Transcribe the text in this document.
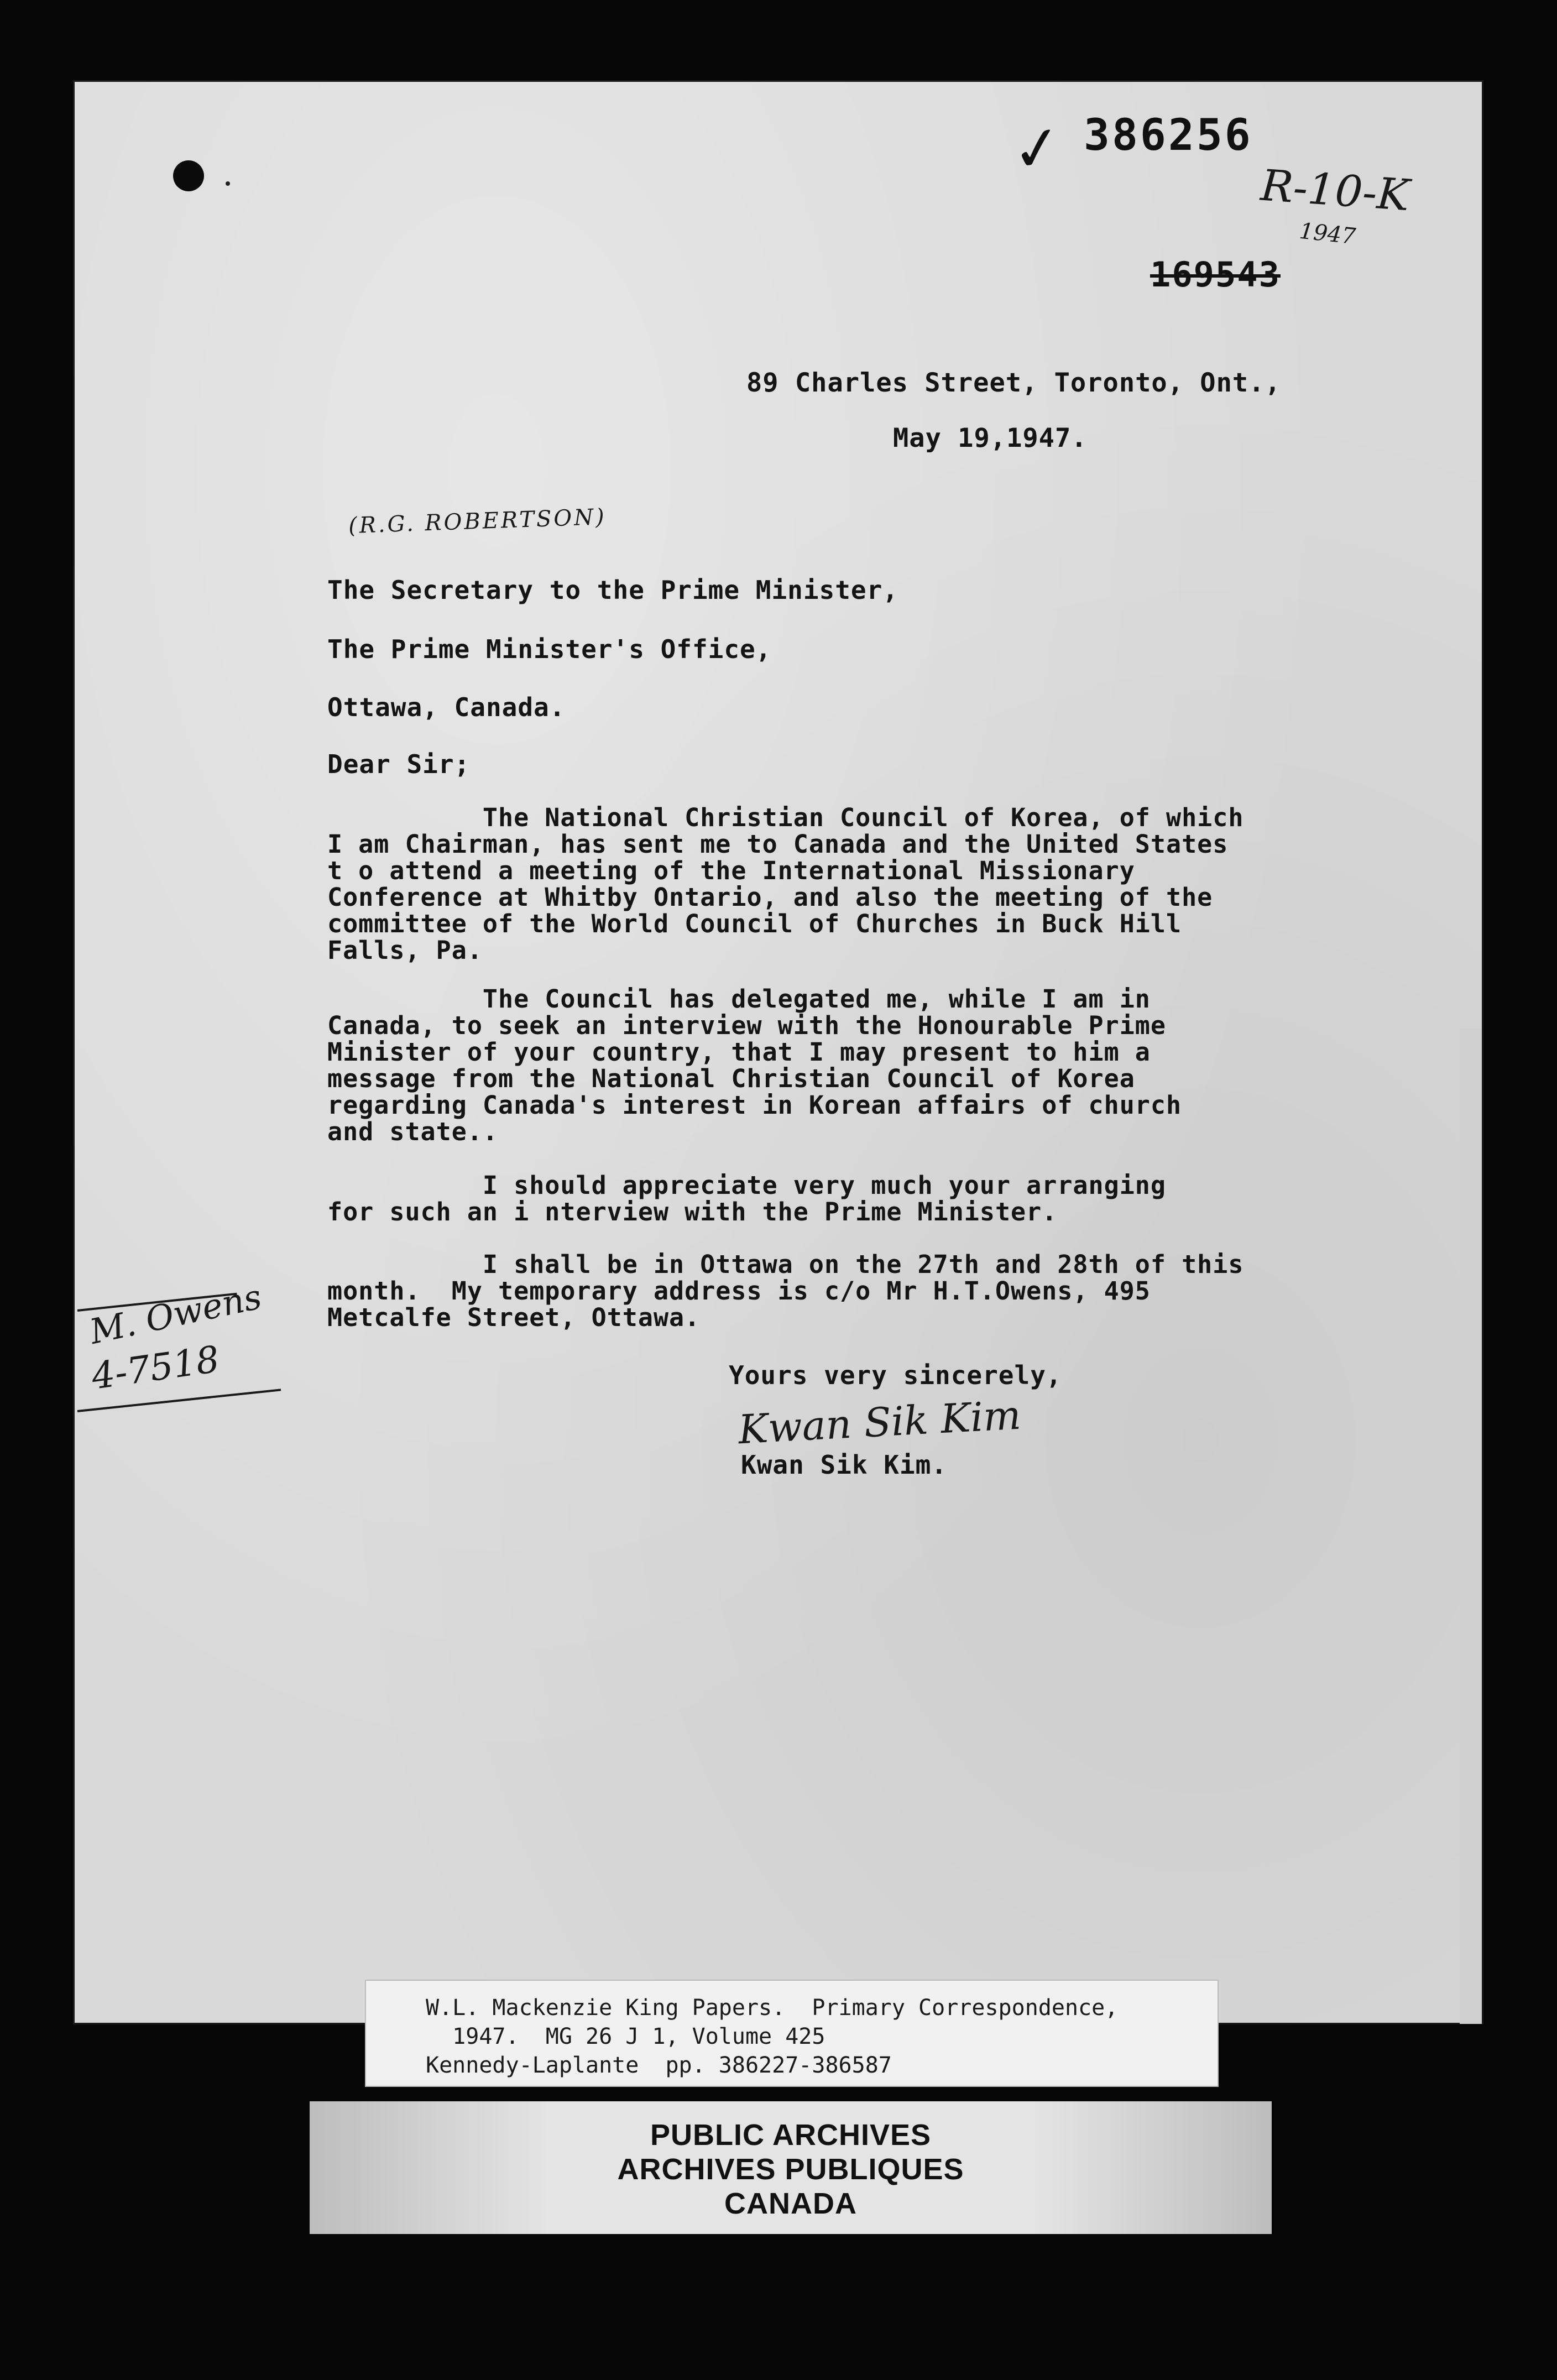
✓ 386256
R-10-K
1947
169543
89 Charles Street, Toronto, Ont.,
May 19,1947.
(R.G. ROBERTSON)
The Secretary to the Prime Minister,
The Prime Minister's Office,
Ottawa, Canada.
Dear Sir;
The National Christian Council of Korea, of which
I am Chairman, has sent me to Canada and the United States
t o attend a meeting of the International Missionary
Conference at Whitby Ontario, and also the meeting of the
committee of the World Council of Churches in Buck Hill
Falls, Pa.
The Council has delegated me, while I am in
Canada, to seek an interview with the Honourable Prime
Minister of your country, that I may present to him a
message from the National Christian Council of Korea
regarding Canada's interest in Korean affairs of church
and state..
I should appreciate very much your arranging
for such an i nterview with the Prime Minister.
I shall be in Ottawa on the 27th and 28th of this
month.  My temporary address is c/o Mr H.T.Owens, 495
Metcalfe Street, Ottawa.
M. Owens
4-7518	Yours very sincerely,
Kwan Sik Kim
Kwan Sik Kim.
W.L. Mackenzie King Papers.  Primary Correspondence,
1947.  MG 26 J 1, Volume 425
Kennedy-Laplante  pp. 386227-386587
PUBLIC ARCHIVES
ARCHIVES PUBLIQUES
CANADA
